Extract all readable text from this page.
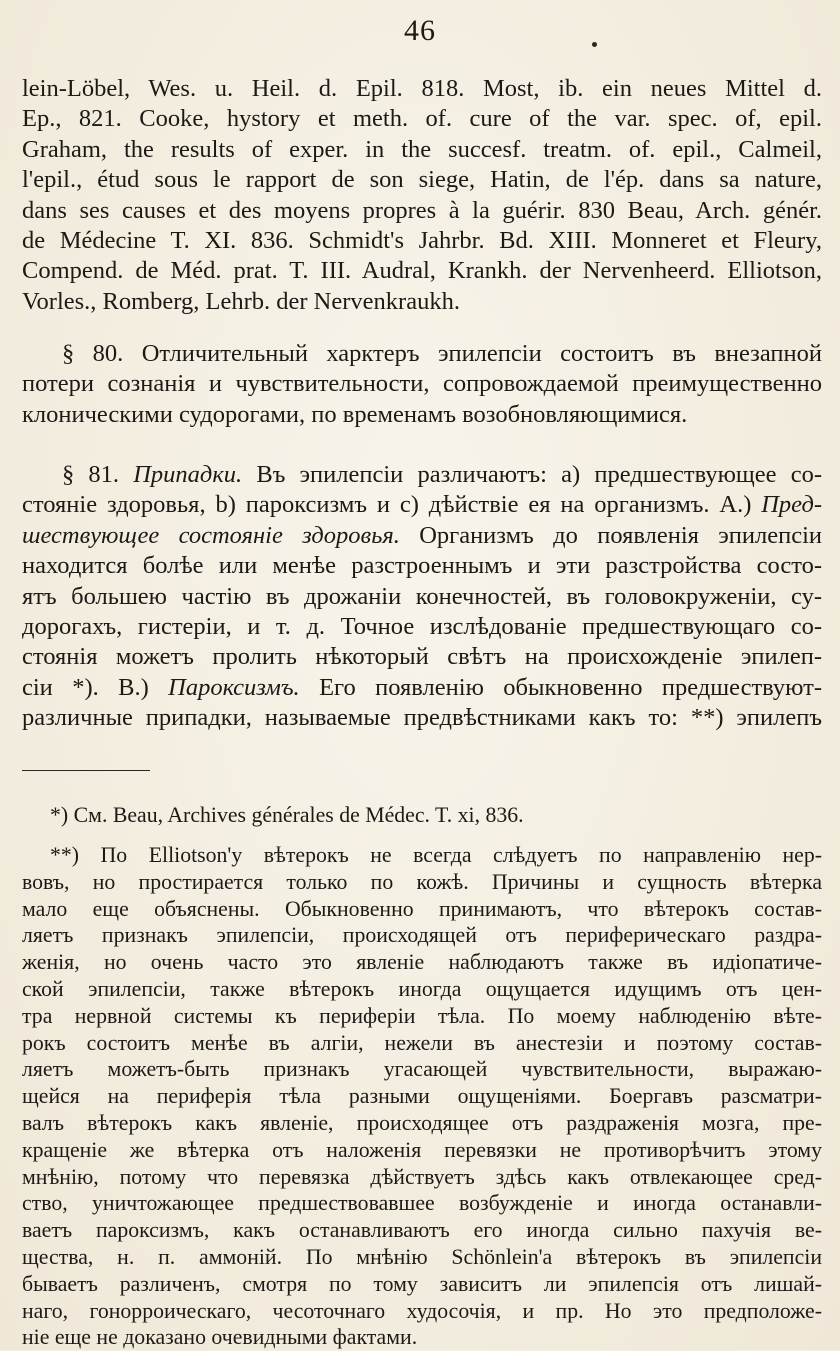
46
lein-Löbel, Wes. u. Heil. d. Epil. 818. Most, ib. ein neues Mittel d.
Ep., 821. Cooke, hystory et meth. of. cure of the var. spec. of, epil.
Graham, the results of exper. in the succesf. treatm. of. epil., Calmeil,
l'epil., étud sous le rapport de son siege, Hatin, de l'ép. dans sa nature,
dans ses causes et des moyens propres à la guérir. 830 Beau, Arch. génér.
de Médecine T. XI. 836. Schmidt's Jahrbr. Bd. XIII. Monneret et Fleury,
Compend. de Méd. prat. T. III. Audral, Krankh. der Nervenheerd. Elliotson,
Vorles., Romberg, Lehrb. der Nervenkraukh.
§ 80. Отличительный харктеръ эпилепсіи состоитъ въ внезапной
потери сознанія и чувствительности, сопровождаемой преимущественно
клоническими судорогами, по временамъ возобновляющимися.
§ 81. Припадки. Въ эпилепсіи различаютъ: а) предшествующее со-
стояніе здоровья, b) пароксизмъ и с) дѣйствіе ея на организмъ. А.) Пред-
шествующее состояніе здоровья. Организмъ до появленія эпилепсіи
находится болѣе или менѣе разстроеннымъ и эти разстройства состо-
ятъ большею частію въ дрожаніи конечностей, въ головокруженіи, су-
дорогахъ, гистеріи, и т. д. Точное изслѣдованіе предшествующаго со-
стоянія можетъ пролить нѣкоторый свѣтъ на происхожденіе эпилеп-
сіи *). В.) Пароксизмъ. Его появленію обыкновенно предшествуют-
различные припадки, называемые предвѣстниками какъ то: **) эпилепъ
*) См. Beau, Archives générales de Médec. T. xi, 836.
**) По Elliotson'у вѣтерокъ не всегда слѣдуетъ по направленію нер-
вовъ, но простирается только по кожѣ. Причины и сущность вѣтерка
мало еще объяснены. Обыкновенно принимаютъ, что вѣтерокъ состав-
ляетъ признакъ эпилепсіи, происходящей отъ периферическаго раздра-
женія, но очень часто это явленіе наблюдаютъ также въ идіопатиче-
ской эпилепсіи, также вѣтерокъ иногда ощущается идущимъ отъ цен-
тра нервной системы къ периферіи тѣла. По моему наблюденію вѣте-
рокъ состоитъ менѣе въ алгіи, нежели въ анестезіи и поэтому состав-
ляетъ можетъ-быть признакъ угасающей чувствительности, выражаю-
щейся на периферія тѣла разными ощущеніями. Боергавъ разсматри-
валъ вѣтерокъ какъ явленіе, происходящее отъ раздраженія мозга, пре-
кращеніе же вѣтерка отъ наложенія перевязки не противорѣчитъ этому
мнѣнію, потому что перевязка дѣйствуетъ здѣсь какъ отвлекающее сред-
ство, уничтожающее предшествовавшее возбужденіе и иногда останавли-
ваетъ пароксизмъ, какъ останавливаютъ его иногда сильно пахучія ве-
щества, н. п. аммоній. По мнѣнію Schönlein'а вѣтерокъ въ эпилепсіи
бываетъ различенъ, смотря по тому зависитъ ли эпилепсія отъ лишай-
наго, гонорроическаго, чесоточнаго худосочія, и пр. Но это предположе-
ніе еще не доказано очевидными фактами.
